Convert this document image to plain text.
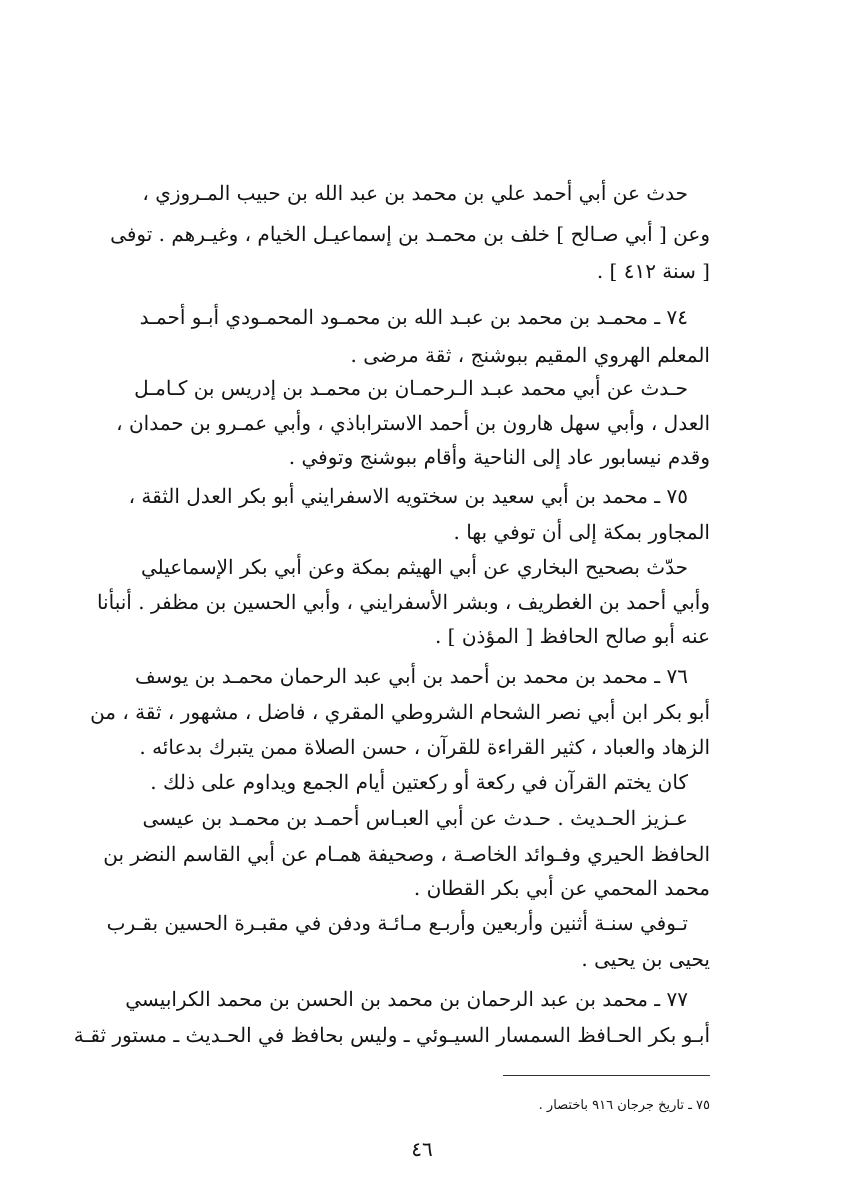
حدث عن أبي أحمد علي بن محمد بن عبد الله بن حبيب المـروزي ،
وعن [ أبي صـالح ] خلف بن محمـد بن إسماعيـل الخيام ، وغيـرهم . توفى
[ سنة ٤١٢ ] .
٧٤ ـ محمـد بن محمد بن عبـد الله بن محمـود المحمـودي أبـو أحمـد
المعلم الهروي المقيم ببوشنج ، ثقة مرضى .
حـدث عن أبي محمد عبـد الـرحمـان بن محمـد بن إدريس بن كـامـل
العدل ، وأبي سهل هارون بن أحمد الاستراباذي ، وأبي عمـرو بن حمدان ،
وقدم نيسابور عاد إلى الناحية وأقام ببوشنج وتوفي .
٧٥ ـ محمد بن أبي سعيد بن سختويه الاسفرايني أبو بكر العدل الثقة ،
المجاور بمكة إلى أن توفي بها .
حدّث بصحيح البخاري عن أبي الهيثم بمكة وعن أبي بكر الإسماعيلي
وأبي أحمد بن الغطريف ، وبشر الأسفرايني ، وأبي الحسين بن مظفر . أنبأنا
عنه أبو صالح الحافظ [ المؤذن ] .
٧٦ ـ محمد بن محمد بن أحمد بن أبي عبد الرحمان محمـد بن يوسف
أبو بكر ابن أبي نصر الشحام الشروطي المقري ، فاضل ، مشهور ، ثقة ، من
الزهاد والعباد ، كثير القراءة للقرآن ، حسن الصلاة ممن يتبرك بدعائه .
كان يختم القرآن في ركعة أو ركعتين أيام الجمع ويداوم على ذلك .
عـزيز الحـديث . حـدث عن أبي العبـاس أحمـد بن محمـد بن عيسى
الحافظ الحيري وفـوائد الخاصـة ، وصحيفة همـام عن أبي القاسم النضر بن
محمد المحمي عن أبي بكر القطان .
تـوفي سنـة أثنين وأربعين وأربـع مـائـة ودفن في مقبـرة الحسين بقـرب
يحيى بن يحيى .
٧٧ ـ محمد بن عبد الرحمان بن محمد بن الحسن بن محمد الكرابيسي
أبـو بكر الحـافظ السمسار السيـوئي ـ وليس بحافظ في الحـديث ـ مستور ثقـة
٧٥ ـ تاريخ جرجان ٩١٦ باختصار .
٤٦
